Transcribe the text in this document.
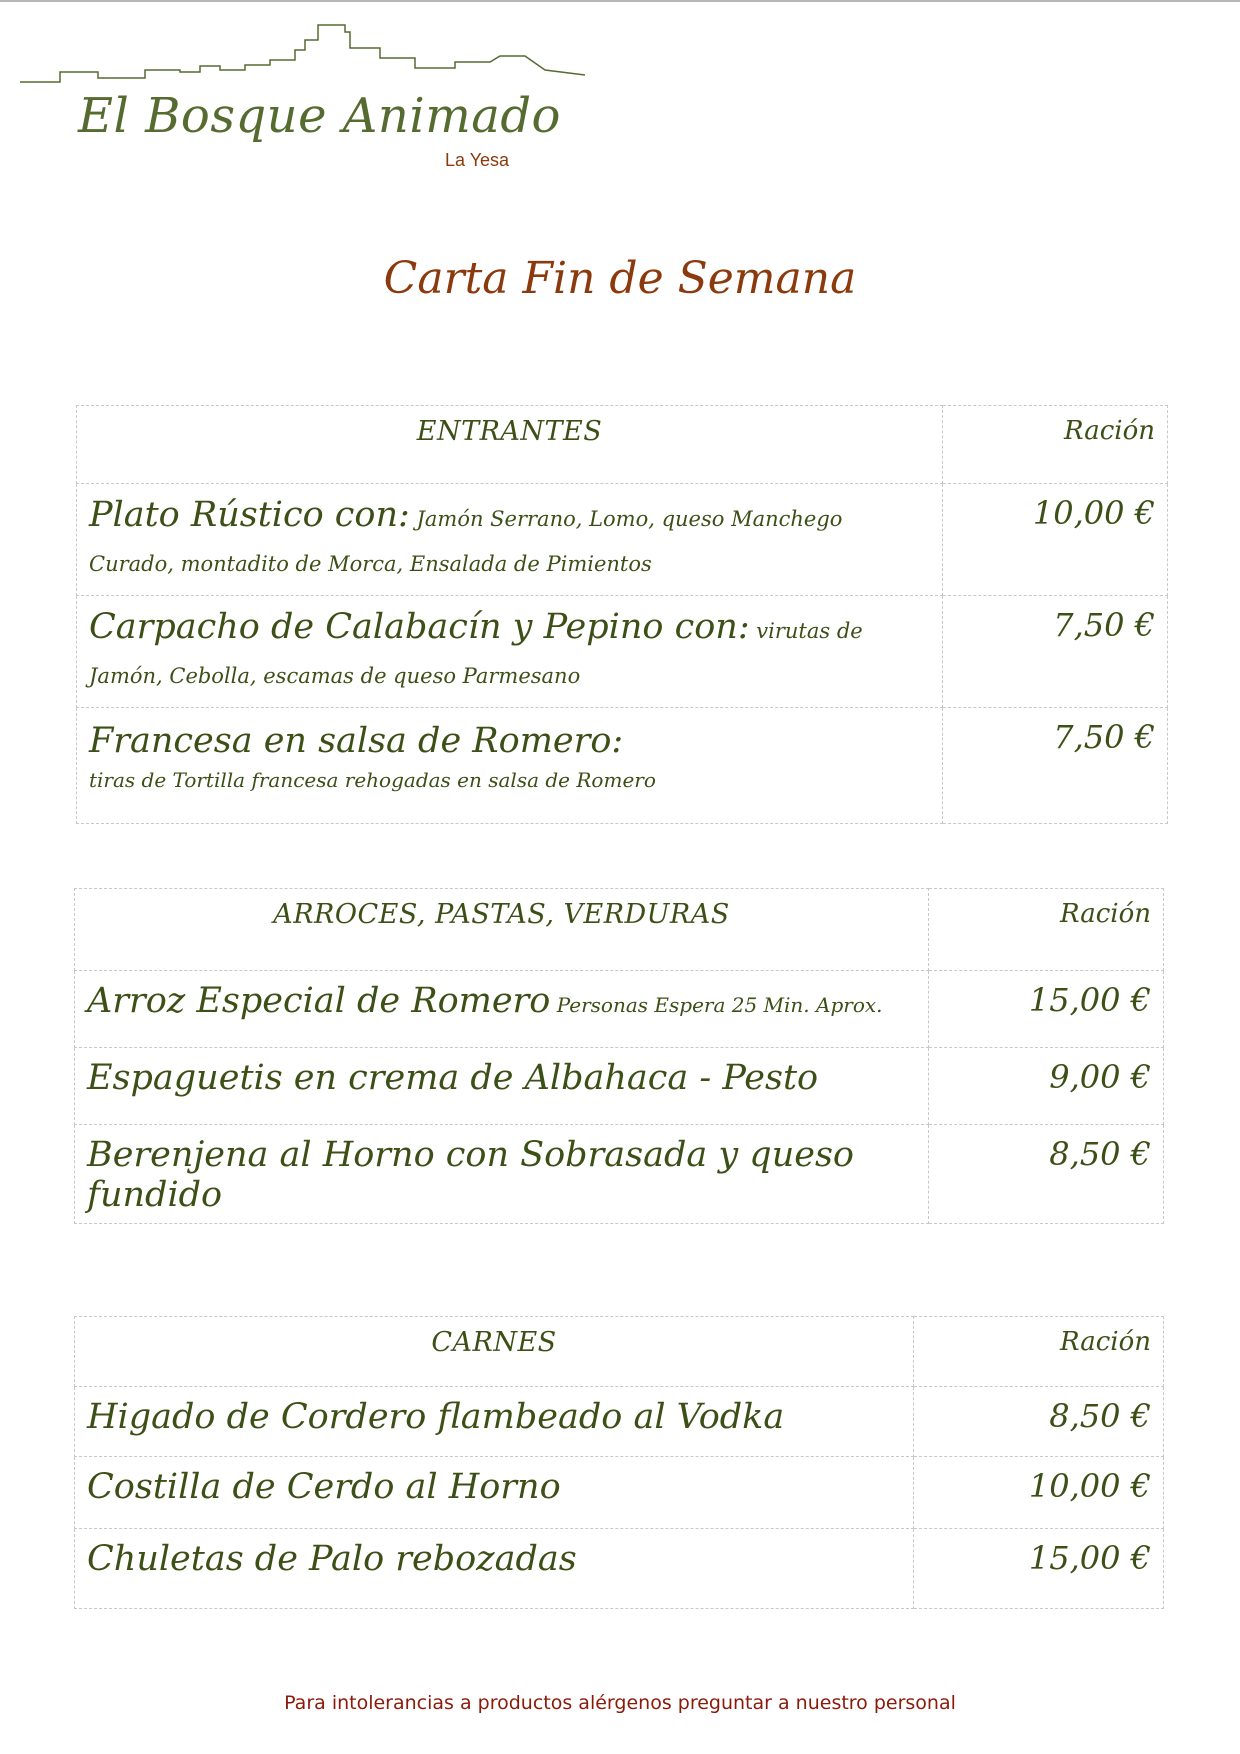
El Bosque Animado
La Yesa
Carta Fin de Semana
ENTRANTES	Ración
Plato Rústico con: Jamón Serrano, Lomo, queso Manchego Curado, montadito de Morca, Ensalada de Pimientos	10,00 €
Carpacho de Calabacín y Pepino con: virutas de Jamón, Cebolla, escamas de queso Parmesano	7,50 €

Francesa en salsa de Romero:
tiras de Tortilla francesa rehogadas en salsa de Romero	7,50 €
ARROCES, PASTAS, VERDURAS	Ración
Arroz Especial de Romero Personas Espera 25 Min. Aprox.	15,00 €
Espaguetis en crema de Albahaca - Pesto	9,00 €
Berenjena al Horno con Sobrasada y queso fundido	8,50 €
CARNES	Ración
Higado de Cordero flambeado al Vodka	8,50 €
Costilla de Cerdo al Horno	10,00 €
Chuletas de Palo rebozadas	15,00 €
Para intolerancias a productos alérgenos preguntar a nuestro personal
